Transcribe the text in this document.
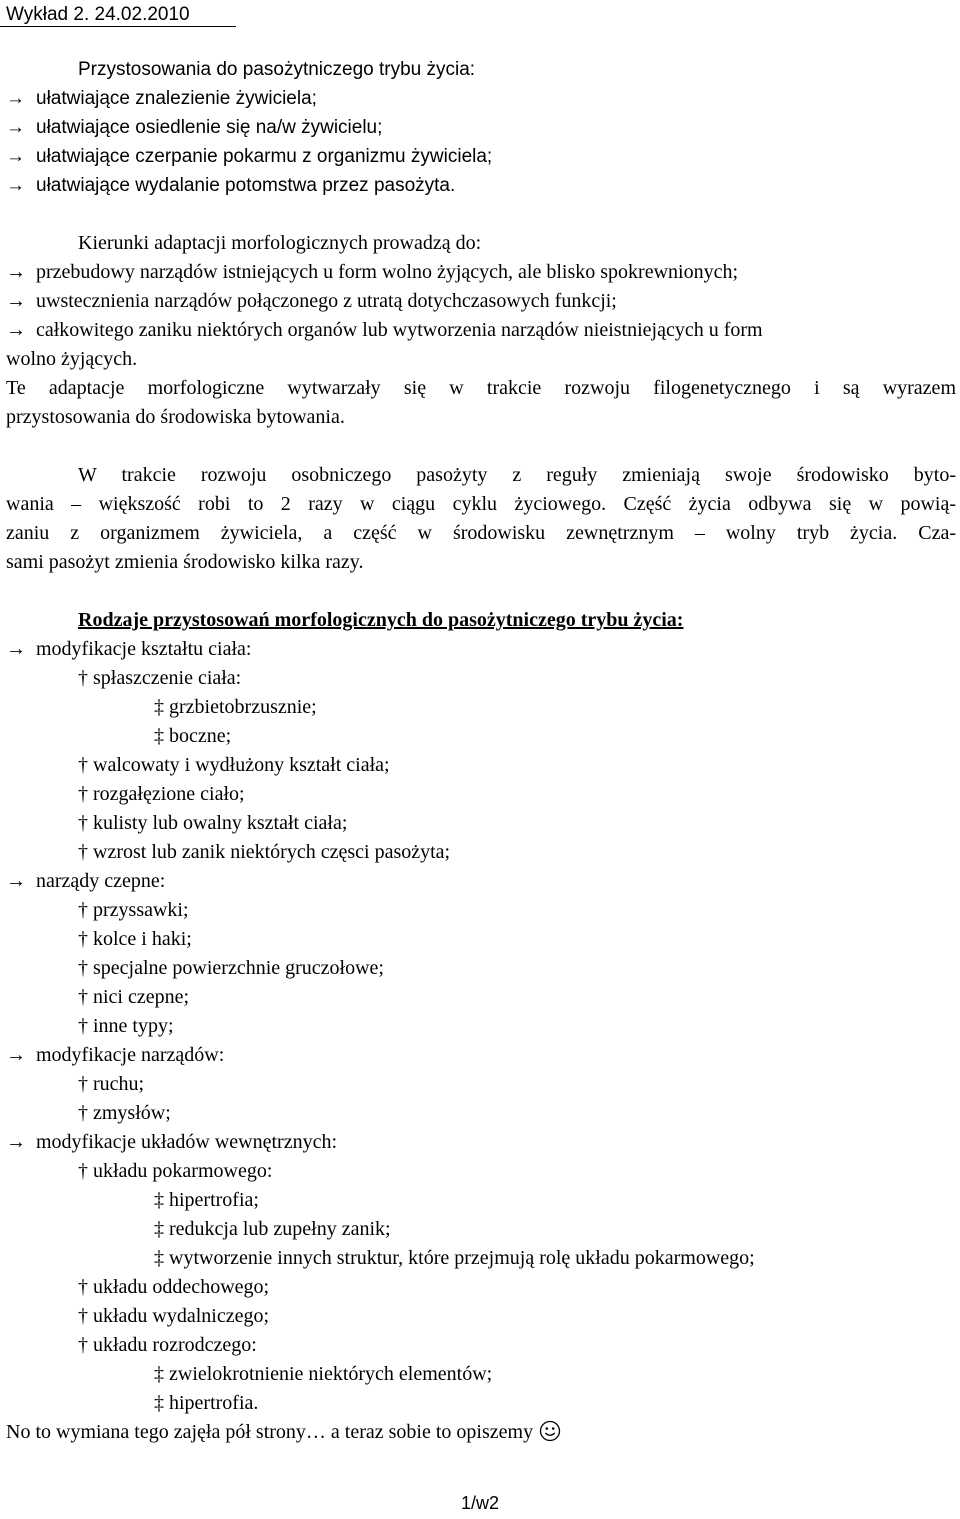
Wykład 2. 24.02.2010
Przystosowania do pasożytniczego trybu życia:
→ ułatwiające znalezienie żywiciela;
→ ułatwiające osiedlenie się na/w żywicielu;
→ ułatwiające czerpanie pokarmu z organizmu żywiciela;
→ ułatwiające wydalanie potomstwa przez pasożyta.
Kierunki adaptacji morfologicznych prowadzą do:
→ przebudowy narządów istniejących u form wolno żyjących, ale blisko spokrewnionych;
→ uwstecznienia narządów połączonego z utratą dotychczasowych funkcji;
→ całkowitego zaniku niektórych organów lub wytworzenia narządów nieistniejących u form
wolno żyjących.
Te adaptacje morfologiczne wytwarzały się w trakcie rozwoju filogenetycznego i są wyrazem
przystosowania do środowiska bytowania.
W trakcie rozwoju osobniczego pasożyty z reguły zmieniają swoje środowisko byto-
wania – większość robi to 2 razy w ciągu cyklu życiowego. Część życia odbywa się w powią-
zaniu z organizmem żywiciela, a część w środowisku zewnętrznym – wolny tryb życia. Cza-
sami pasożyt zmienia środowisko kilka razy.
Rodzaje przystosowań morfologicznych do pasożytniczego trybu życia:
→ modyfikacje kształtu ciała:
† spłaszczenie ciała:
‡ grzbietobrzusznie;
‡ boczne;
† walcowaty i wydłużony kształt ciała;
† rozgałęzione ciało;
† kulisty lub owalny kształt ciała;
† wzrost lub zanik niektórych częsci pasożyta;
→ narządy czepne:
† przyssawki;
† kolce i haki;
† specjalne powierzchnie gruczołowe;
† nici czepne;
† inne typy;
→ modyfikacje narządów:
† ruchu;
† zmysłów;
→ modyfikacje układów wewnętrznych:
† układu pokarmowego:
‡ hipertrofia;
‡ redukcja lub zupełny zanik;
‡ wytworzenie innych struktur, które przejmują rolę układu pokarmowego;
† układu oddechowego;
† układu wydalniczego;
† układu rozrodczego:
‡ zwielokrotnienie niektórych elementów;
‡ hipertrofia.
No to wymiana tego zajęła pół strony… a teraz sobie to opiszemy
1/w2
